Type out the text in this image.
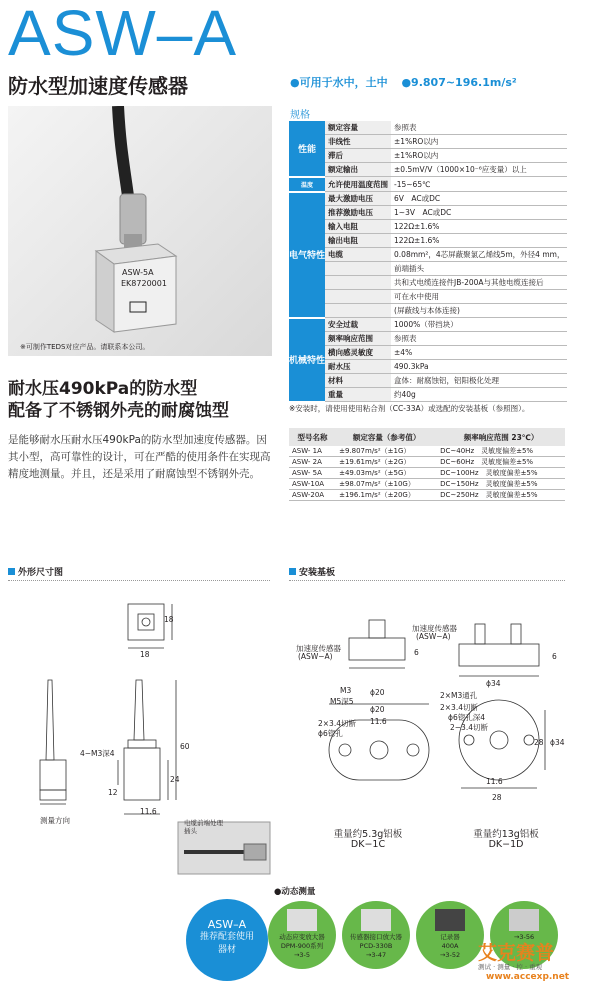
ASW–A
防水型加速度传感器	●可用于水中，土中 ●9.807~196.1m/s²
ASW-5A
EK8720001
※可制作TEDS对应产品。请联系本公司。
规格
性能	额定容量	参照表
	非线性	±1%RO以内
	滞后	±1%RO以内
	额定输出	±0.5mV/V（1000×10⁻⁶应变量）以上
温度	允许使用温度范围	-15~65℃
电气特性	最大激励电压	6V　AC或DC
	推荐激励电压	1~3V　AC或DC
	输入电阻	122Ω±1.6%
	输出电阻	122Ω±1.6%
	电缆	0.08mm²，4芯屏蔽聚氯乙烯线5m，外径4 mm，
		前端插头
		共和式电缆连接件JB-200A与其他电缆连接后
		可在水中使用
		(屏蔽线与本体连接)
机械特性	安全过载	1000%（带挡块）
	频率响应范围	参照表
	横向感灵敏度	±4%
	耐水压	490.3kPa
	材料	盒体：耐腐蚀铝，铝阳极化处理
	重量	约40g
※安装时，请使用使用粘合剂（CC-33A）或选配的安装基板（参照图）。
耐水压490kPa的防水型
配备了不锈钢外壳的耐腐蚀型
是能够耐水压耐水压490kPa的防水型加速度传感器。因其小型，高可靠性的设计，可在严酷的使用条件在实现高精度地测量。并且，还是采用了耐腐蚀型不锈钢外壳。
型号名称	额定容量（参考值）	频率响应范围 23℃）
ASW- 1A	±9.807m/s²（±1G）	DC~40Hz　灵敏度偏差±5%
ASW- 2A	±19.61m/s²（±2G）	DC~60Hz　灵敏度偏差±5%
ASW- 5A	±49.03m/s²（±5G）	DC~100Hz　灵敏度偏差±5%
ASW-10A	±98.07m/s²（±10G）	DC~150Hz　灵敏度偏差±5%
ASW-20A	±196.1m/s²（±20G）	DC~250Hz　灵敏度偏差±5%
外形尺寸图	安装基板
18
18
4−M3深4
60
24
12
11.6
测量方向	电缆前端处理
插头
加速度传感器
(ASW−A)
M3
M5深5
ϕ20
ϕ20
2×3.4切断
ϕ6锪孔
11.6
6
重量约5.3g铝板
DK−1C
加速度传感器
(ASW−A)
ϕ34
6
2×M3通孔
2×3.4切断
ϕ6锪孔深4
2−3.4切断
28 ϕ34
11.6
28
重量约13g铝板
DK−1D
●动态测量
ASW–A
推荐配套使用
器材
动态应变放大器
DPM-900系列
→3-5
传感器接口放大器
PCD-330B
→3-47
记录器
400A
→3-52
→3-56
艾克赛普
测试 · 测量 · 控 · 重观
www.accexp.net
